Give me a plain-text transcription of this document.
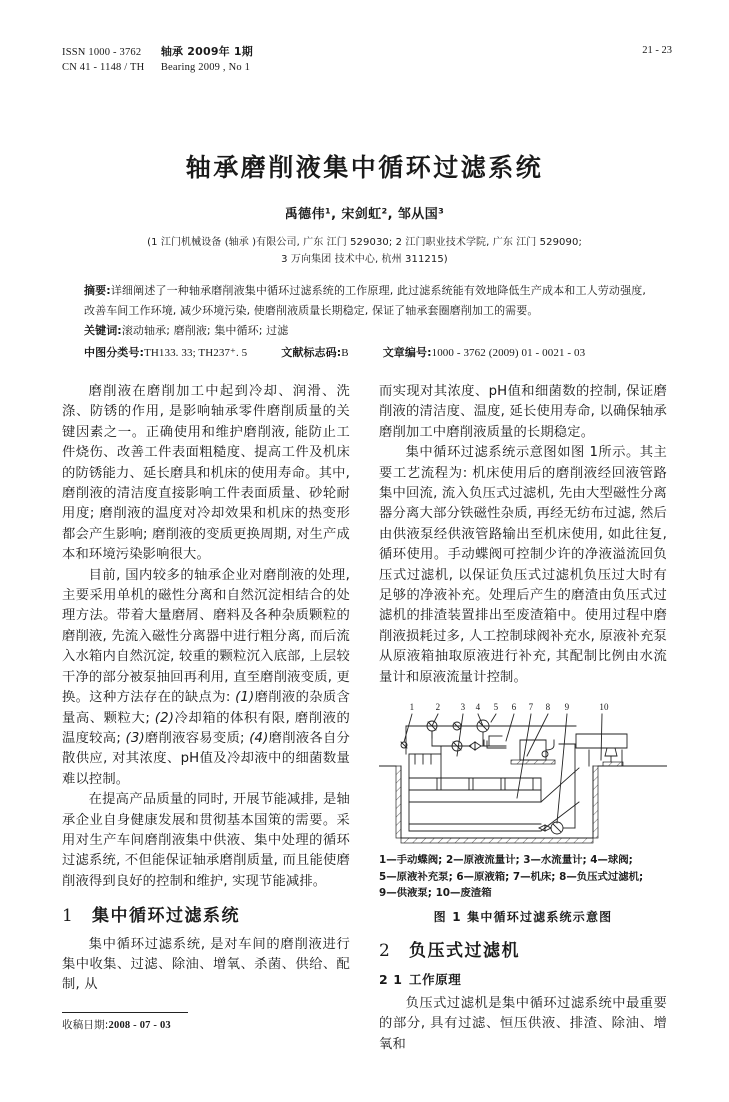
ISSN 1000 - 3762 轴承 2009年 1期
CN 41 - 1148 / TH Bearing 2009 , No 1
21 - 23
轴承磨削液集中循环过滤系统
禹德伟¹, 宋剑虹², 邹从国³
(1 江门机械设备 (轴承 )有限公司, 广东 江门 529030; 2 江门职业技术学院, 广东 江门 529090;
3 万向集团 技术中心, 杭州 311215)

摘要:详细阐述了一种轴承磨削液集中循环过滤系统的工作原理, 此过滤系统能有效地降低生产成本和工人劳动强度, 改善车间工作环境, 减少环境污染, 使磨削液质量长期稳定, 保证了轴承套圈磨削加工的需要。

关键词:滚动轴承; 磨削液; 集中循环; 过滤

中图分类号:TH133. 33; TH237⁺. 5	文献标志码:B	文章编号:1000 - 3762 (2009) 01 - 0021 - 03

磨削液在磨削加工中起到冷却、润滑、洗涤、防锈的作用, 是影响轴承零件磨削质量的关键因素之一。正确使用和维护磨削液, 能防止工件烧伤、改善工件表面粗糙度、提高工件及机床的防锈能力、延长磨具和机床的使用寿命。其中, 磨削液的清洁度直接影响工件表面质量、砂轮耐用度; 磨削液的温度对冷却效果和机床的热变形都会产生影响; 磨削液的变质更换周期, 对生产成本和环境污染影响很大。

目前, 国内较多的轴承企业对磨削液的处理, 主要采用单机的磁性分离和自然沉淀相结合的处理方法。带着大量磨屑、磨料及各种杂质颗粒的磨削液, 先流入磁性分离器中进行粗分离, 而后流入水箱内自然沉淀, 较重的颗粒沉入底部, 上层较干净的部分被泵抽回再利用, 直至磨削液变质, 更换。这种方法存在的缺点为: (1)磨削液的杂质含量高、颗粒大; (2)冷却箱的体积有限, 磨削液的温度较高; (3)磨削液容易变质; (4)磨削液各自分散供应, 对其浓度、pH值及冷却液中的细菌数量难以控制。

在提高产品质量的同时, 开展节能减排, 是轴承企业自身健康发展和贯彻基本国策的需要。采用对生产车间磨削液集中供液、集中处理的循环过滤系统, 不但能保证轴承磨削质量, 而且能使磨削液得到良好的控制和维护, 实现节能减排。

1 集中循环过滤系统

集中循环过滤系统, 是对车间的磨削液进行集中收集、过滤、除油、增氧、杀菌、供给、配制, 从

而实现对其浓度、pH值和细菌数的控制, 保证磨削液的清洁度、温度, 延长使用寿命, 以确保轴承磨削加工中磨削液质量的长期稳定。

集中循环过滤系统示意图如图 1所示。其主要工艺流程为: 机床使用后的磨削液经回液管路集中回流, 流入负压式过滤机, 先由大型磁性分离器分离大部分铁磁性杂质, 再经无纺布过滤, 然后由供液泵经供液管路输出至机床使用, 如此往复, 循环使用。手动蝶阀可控制少许的净液溢流回负压式过滤机, 以保证负压式过滤机负压过大时有足够的净液补充。处理后产生的磨渣由负压式过滤机的排渣装置排出至废渣箱中。使用过程中磨削液损耗过多, 人工控制球阀补充水, 原液补充泵从原液箱抽取原液进行补充, 其配制比例由水流量计和原液流量计控制。

1 2 3 4 5 6 7 8 9	10
1—手动蝶阀; 2—原液流量计; 3—水流量计; 4—球阀;
5—原液补充泵; 6—原液箱; 7—机床; 8—负压式过滤机;
9—供液泵; 10—废渣箱
图 1 集中循环过滤系统示意图
2 负压式过滤机
2 1 工作原理

负压式过滤机是集中循环过滤系统中最重要的部分, 具有过滤、恒压供液、排渣、除油、增氧和

收稿日期:2008 - 07 - 03
